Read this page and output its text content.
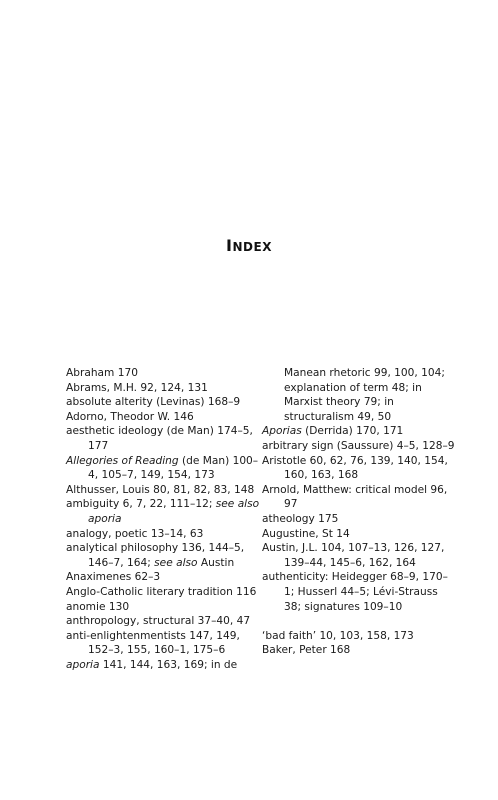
INDEX

Abraham 170

Abrams, M.H. 92, 124, 131

absolute alterity (Levinas) 168–9

Adorno, Theodor W. 146

aesthetic ideology (de Man) 174–5, 177

Allegories of Reading (de Man) 100–4, 105–7, 149, 154, 173

Althusser, Louis 80, 81, 82, 83, 148

ambiguity 6, 7, 22, 111–12; see also aporia

analogy, poetic 13–14, 63

analytical philosophy 136, 144–5, 146–7, 164; see also Austin

Anaximenes 62–3

Anglo-Catholic literary tradition 116

anomie 130

anthropology, structural 37–40, 47

anti-enlightenmentists 147, 149, 152–3, 155, 160–1, 175–6

aporia 141, 144, 163, 169; in de

Manean rhetoric 99, 100, 104; explanation of term 48; in Marxist theory 79; in structuralism 49, 50

Aporias (Derrida) 170, 171

arbitrary sign (Saussure) 4–5, 128–9

Aristotle 60, 62, 76, 139, 140, 154, 160, 163, 168

Arnold, Matthew: critical model 96, 97

atheology 175

Augustine, St 14

Austin, J.L. 104, 107–13, 126, 127, 139–44, 145–6, 162, 164

authenticity: Heidegger 68–9, 170–1; Husserl 44–5; Lévi-Strauss 38; signatures 109–10

‘bad faith’ 10, 103, 158, 173

Baker, Peter 168
